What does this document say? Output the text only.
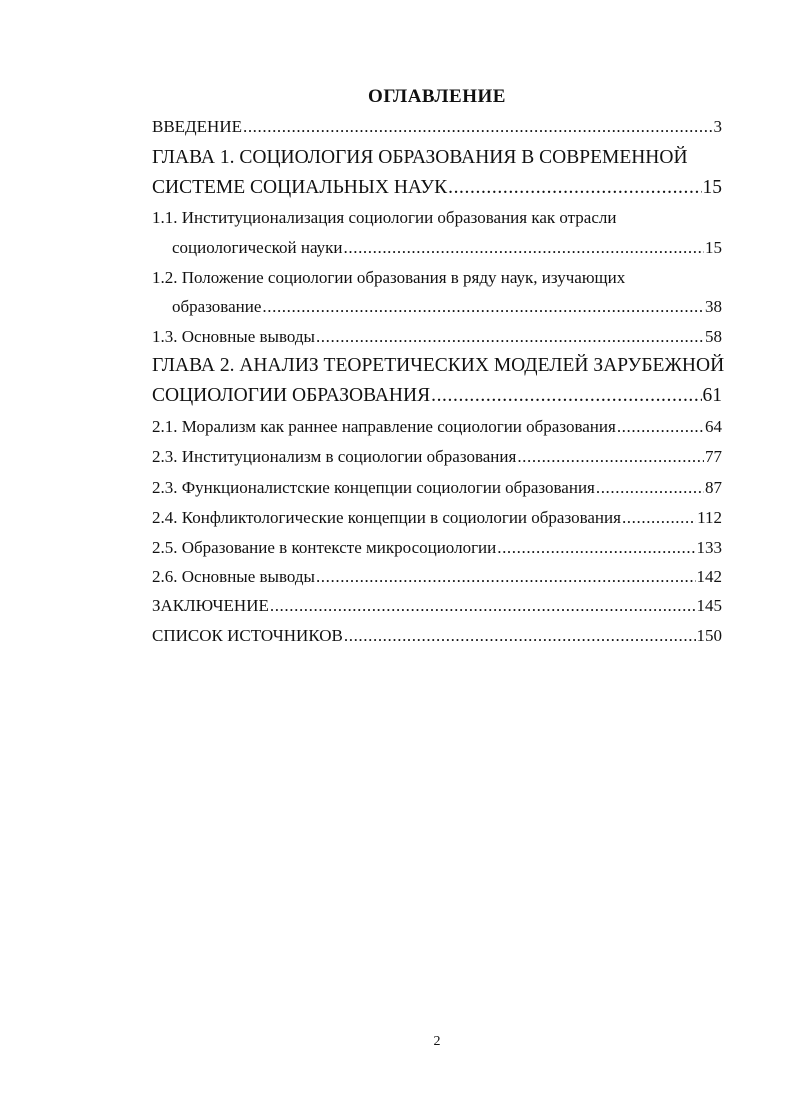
ОГЛАВЛЕНИЕ
ВВЕДЕНИЕ .....	3
ГЛАВА 1. СОЦИОЛОГИЯ ОБРАЗОВАНИЯ В СОВРЕМЕННОЙ
СИСТЕМЕ СОЦИАЛЬНЫХ НАУК .....	15
1.1. Институционализация социологии образования как отрасли
социологической науки .....	15
1.2. Положение социологии образования в ряду наук, изучающих
образование .....	38
1.3. Основные выводы .....	58
ГЛАВА 2. АНАЛИЗ ТЕОРЕТИЧЕСКИХ МОДЕЛЕЙ ЗАРУБЕЖНОЙ
СОЦИОЛОГИИ ОБРАЗОВАНИЯ .....	61
2.1. Морализм как раннее направление социологии образования .....	64
2.3. Институционализм в социологии образования .....	77
2.3. Функционалистские концепции социологии образования .....	87
2.4. Конфликтологические концепции в социологии образования .....	112
2.5. Образование в контексте микросоциологии .....	133
2.6. Основные выводы .....	142
ЗАКЛЮЧЕНИЕ .....	145
СПИСОК ИСТОЧНИКОВ .....	150
2
